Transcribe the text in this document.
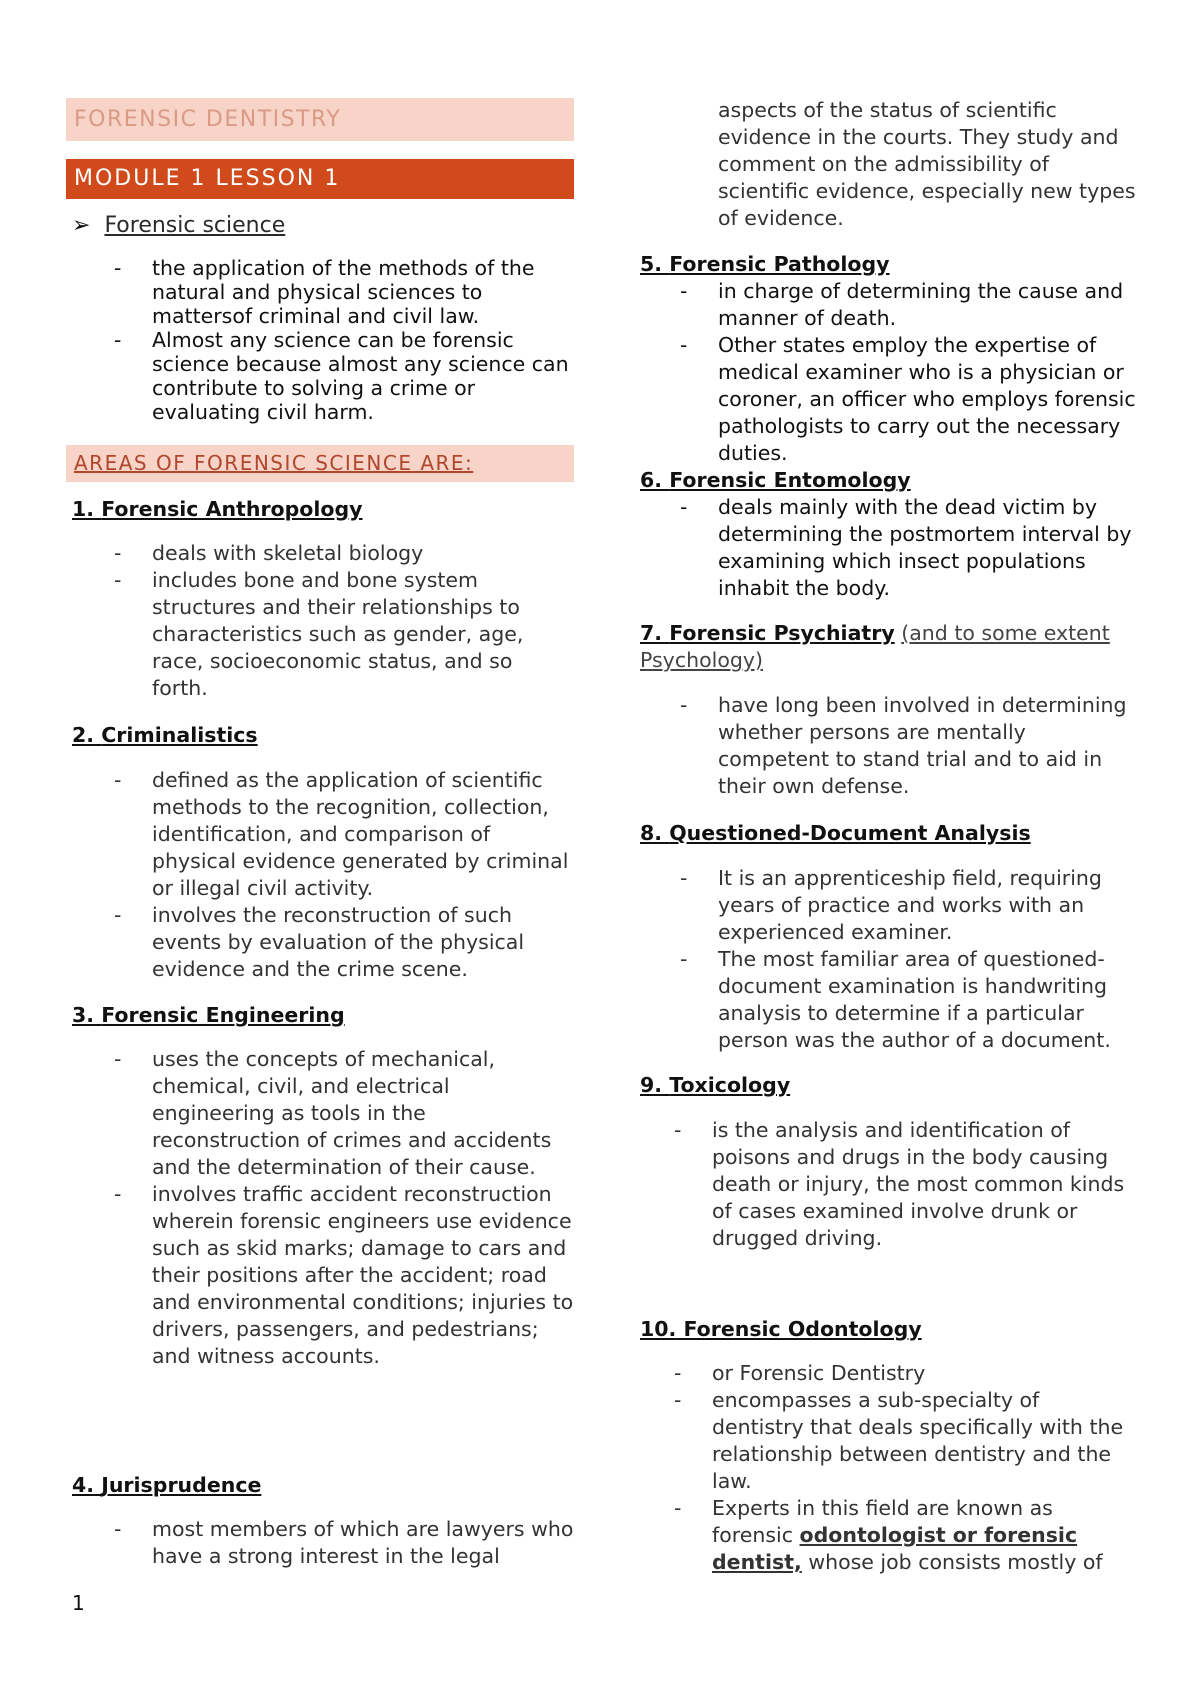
FORENSIC DENTISTRY
MODULE 1 LESSON 1
➢ Forensic science
- the application of the methods of the natural and physical sciences to mattersof criminal and civil law.
- Almost any science can be forensic science because almost any science can contribute to solving a crime or evaluating civil harm.
AREAS OF FORENSIC SCIENCE ARE:
1. Forensic Anthropology
- deals with skeletal biology
- includes bone and bone system structures and their relationships to characteristics such as gender, age, race, socioeconomic status, and so forth.
2. Criminalistics
- defined as the application of scientific methods to the recognition, collection, identification, and comparison of physical evidence generated by criminal or illegal civil activity.
- involves the reconstruction of such events by evaluation of the physical evidence and the crime scene.
3. Forensic Engineering
- uses the concepts of mechanical, chemical, civil, and electrical engineering as tools in the reconstruction of crimes and accidents and the determination of their cause.
- involves traffic accident reconstruction wherein forensic engineers use evidence such as skid marks; damage to cars and their positions after the accident; road and environmental conditions; injuries to drivers, passengers, and pedestrians; and witness accounts.
4. Jurisprudence
- most members of which are lawyers who have a strong interest in the legal
1
aspects of the status of scientific evidence in the courts. They study and comment on the admissibility of scientific evidence, especially new types of evidence.
5. Forensic Pathology
- in charge of determining the cause and manner of death.
- Other states employ the expertise of medical examiner who is a physician or coroner, an officer who employs forensic pathologists to carry out the necessary duties.
6. Forensic Entomology
- deals mainly with the dead victim by determining the postmortem interval by examining which insect populations inhabit the body.
7. Forensic Psychiatry (and to some extent Psychology)
- have long been involved in determining whether persons are mentally competent to stand trial and to aid in their own defense.
8. Questioned-Document Analysis
- It is an apprenticeship field, requiring years of practice and works with an experienced examiner.
- The most familiar area of questioned-document examination is handwriting analysis to determine if a particular person was the author of a document.
9. Toxicology
- is the analysis and identification of poisons and drugs in the body causing death or injury, the most common kinds of cases examined involve drunk or drugged driving.
10. Forensic Odontology
- or Forensic Dentistry
- encompasses a sub-specialty of dentistry that deals specifically with the relationship between dentistry and the law.
- Experts in this field are known as forensic odontologist or forensic dentist, whose job consists mostly of
